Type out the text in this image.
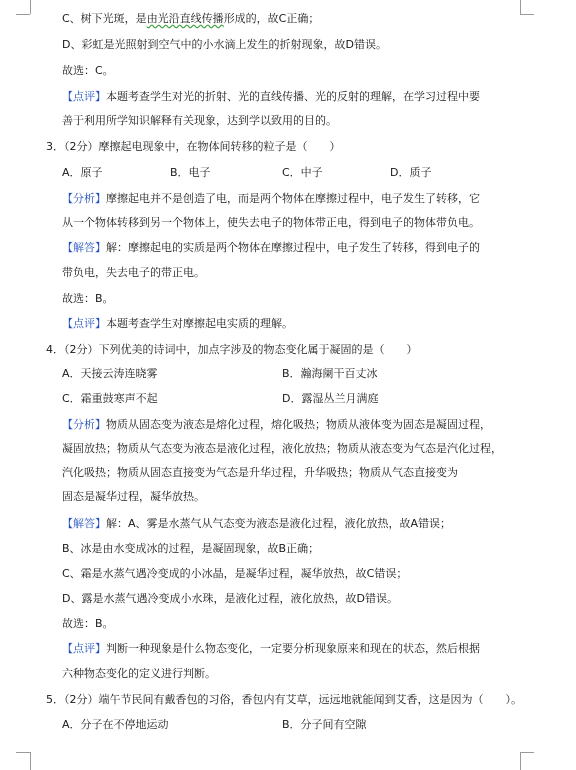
C、树下光斑，是由光沿直线传播形成的，故C正确；
D、彩虹是光照射到空气中的小水滴上发生的折射现象，故D错误。
故选：C。
【点评】本题考查学生对光的折射、光的直线传播、光的反射的理解，在学习过程中要
善于利用所学知识解释有关现象，达到学以致用的目的。
3．（2分）摩擦起电现象中，在物体间转移的粒子是（　　）
A．原子	B．电子	C．中子	D．质子
【分析】摩擦起电并不是创造了电，而是两个物体在摩擦过程中，电子发生了转移，它
从一个物体转移到另一个物体上，使失去电子的物体带正电，得到电子的物体带负电。
【解答】解：摩擦起电的实质是两个物体在摩擦过程中，电子发生了转移，得到电子的
带负电，失去电子的带正电。
故选：B。
【点评】本题考查学生对摩擦起电实质的理解。
4．（2分）下列优美的诗词中，加点字涉及的物态变化属于凝固的是（　　）
A．天接云涛连晓雾	B．瀚海阑干百丈冰
C．霜重鼓寒声不起	D．露湿丛兰月满庭
【分析】物质从固态变为液态是熔化过程，熔化吸热；物质从液体变为固态是凝固过程，
凝固放热；物质从气态变为液态是液化过程，液化放热；物质从液态变为气态是汽化过程，
汽化吸热；物质从固态直接变为气态是升华过程，升华吸热；物质从气态直接变为
固态是凝华过程，凝华放热。
【解答】解：A、雾是水蒸气从气态变为液态是液化过程，液化放热，故A错误；
B、冰是由水变成冰的过程，是凝固现象，故B正确；
C、霜是水蒸气遇冷变成的小冰晶，是凝华过程，凝华放热，故C错误；
D、露是水蒸气遇冷变成小水珠，是液化过程，液化放热，故D错误。
故选：B。
【点评】判断一种现象是什么物态变化，一定要分析现象原来和现在的状态，然后根据
六种物态变化的定义进行判断。
5．（2分）端午节民间有戴香包的习俗，香包内有艾草，远远地就能闻到艾香，这是因为（　　）。
A．分子在不停地运动	B．分子间有空隙
